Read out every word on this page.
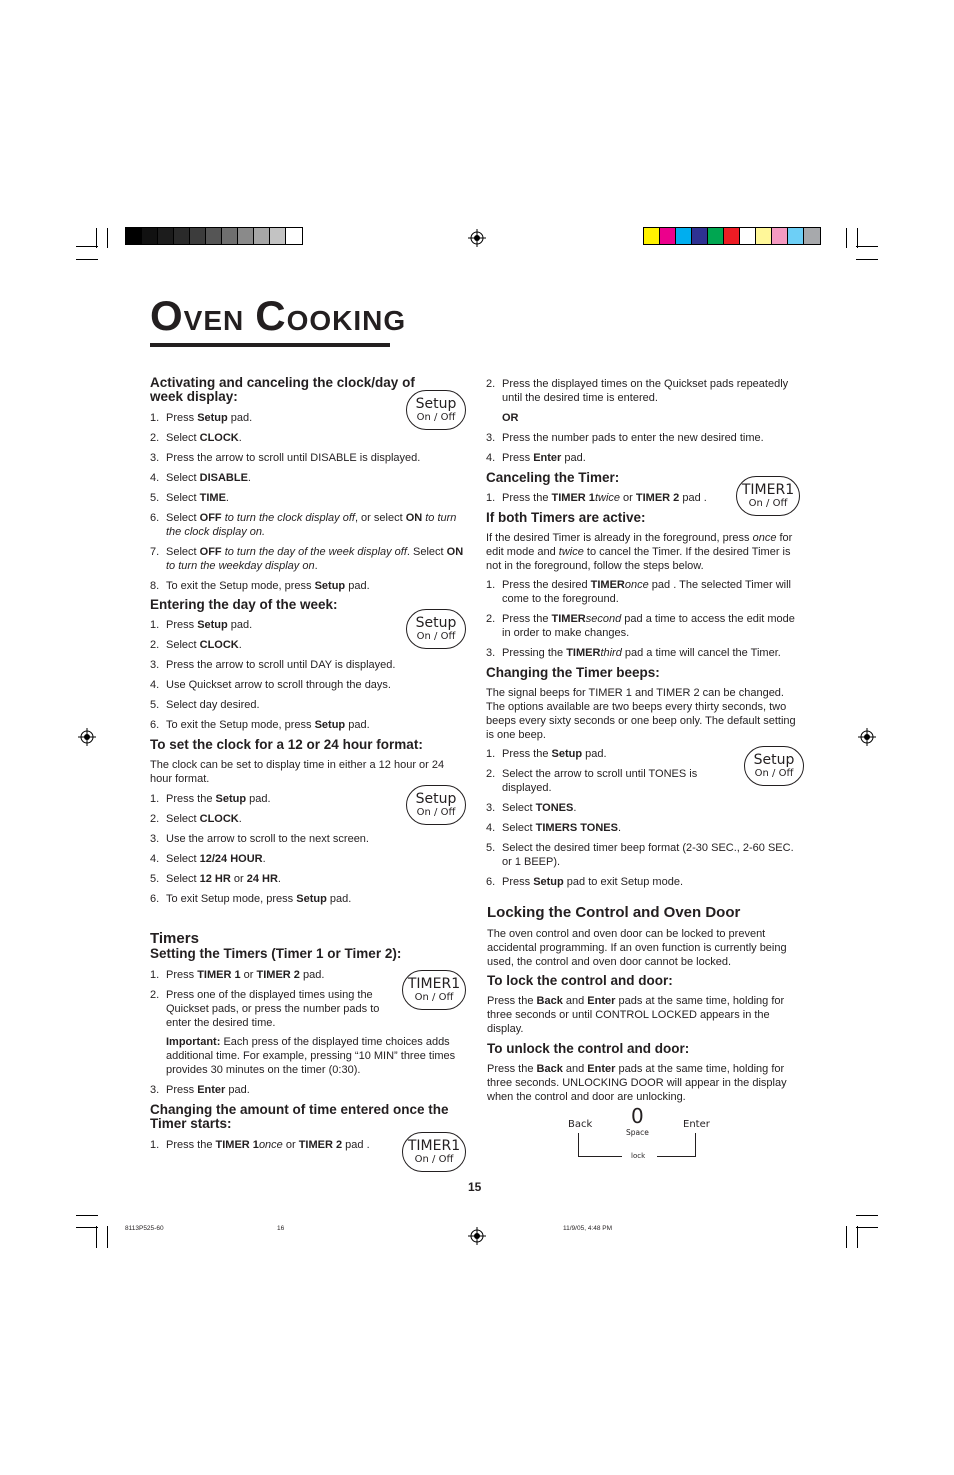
OVEN COOKING
Activating and canceling the clock/day of week display:
1. Press Setup pad.
2. Select CLOCK.
3. Press the arrow to scroll until DISABLE is displayed.
4. Select DISABLE.
5. Select TIME.
6. Select OFF to turn the clock display off, or select ON to turn the clock display on.
7. Select OFF to turn the day of the week display off. Select ON to turn the weekday display on.
8. To exit the Setup mode, press Setup pad.
Entering the day of the week:
1. Press Setup pad.
2. Select CLOCK.
3. Press the arrow to scroll until DAY is displayed.
4. Use Quickset arrow to scroll through the days.
5. Select day desired.
6. To exit the Setup mode, press Setup pad.
To set the clock for a 12 or 24 hour format:
The clock can be set to display time in either a 12 hour or 24 hour format.
1. Press the Setup pad.
2. Select CLOCK.
3. Use the arrow to scroll to the next screen.
4. Select 12/24 HOUR.
5. Select 12 HR or 24 HR.
6. To exit Setup mode, press Setup pad.
Timers
Setting the Timers (Timer 1 or Timer 2):
1. Press TIMER 1 or TIMER 2 pad.
2. Press one of the displayed times using the Quickset pads, or press the number pads to enter the desired time.
Important: Each press of the displayed time choices adds additional time. For example, pressing “10 MIN” three times provides 30 minutes on the timer (0:30).
3. Press Enter pad.
Changing the amount of time entered once the Timer starts:
1. Press the TIMER 1once or TIMER 2 pad .
Setup
On / Off
Setup
On / Off
Setup
On / Off
TIMER1
On / Off
TIMER1
On / Off
2. Press the displayed times on the Quickset pads repeatedly until the desired time is entered.
OR
3. Press the number pads to enter the new desired time.
4. Press Enter pad.
Canceling the Timer:
1. Press the TIMER 1twice or TIMER 2 pad .	TIMER1
On / Off
If both Timers are active:
If the desired Timer is already in the foreground, press once for edit mode and twice to cancel the Timer. If the desired Timer is not in the foreground, follow the steps below.
1. Press the desired TIMERonce pad . The selected Timer will come to the foreground.
2. Press the TIMERsecond pad a time to access the edit mode in order to make changes.
3. Pressing the TIMERthird pad a time will cancel the Timer.
Changing the Timer beeps:
The signal beeps for TIMER 1 and TIMER 2 can be changed. The options available are two beeps every thirty seconds, two beeps every sixty seconds or one beep only. The default setting is one beep.
1. Press the Setup pad.
2. Select the arrow to scroll until TONES is displayed.
3. Select TONES.
4. Select TIMERS TONES.
5. Select the desired timer beep format (2-30 SEC., 2-60 SEC. or 1 BEEP).
6. Press Setup pad to exit Setup mode.
Setup
On / Off
Locking the Control and Oven Door
The oven control and oven door can be locked to prevent accidental programming. If an oven function is currently being used, the control and oven door cannot be locked.
To lock the control and door:
Press the Back and Enter pads at the same time, holding for three seconds or until CONTROL LOCKED appears in the display.
To unlock the control and door:
Press the Back and Enter pads at the same time, holding for three seconds. UNLOCKING DOOR will appear in the display when the control and door are unlocking.
Back 0
Space
Enter
lock
15
8113P525-60	16	11/9/05, 4:48 PM
